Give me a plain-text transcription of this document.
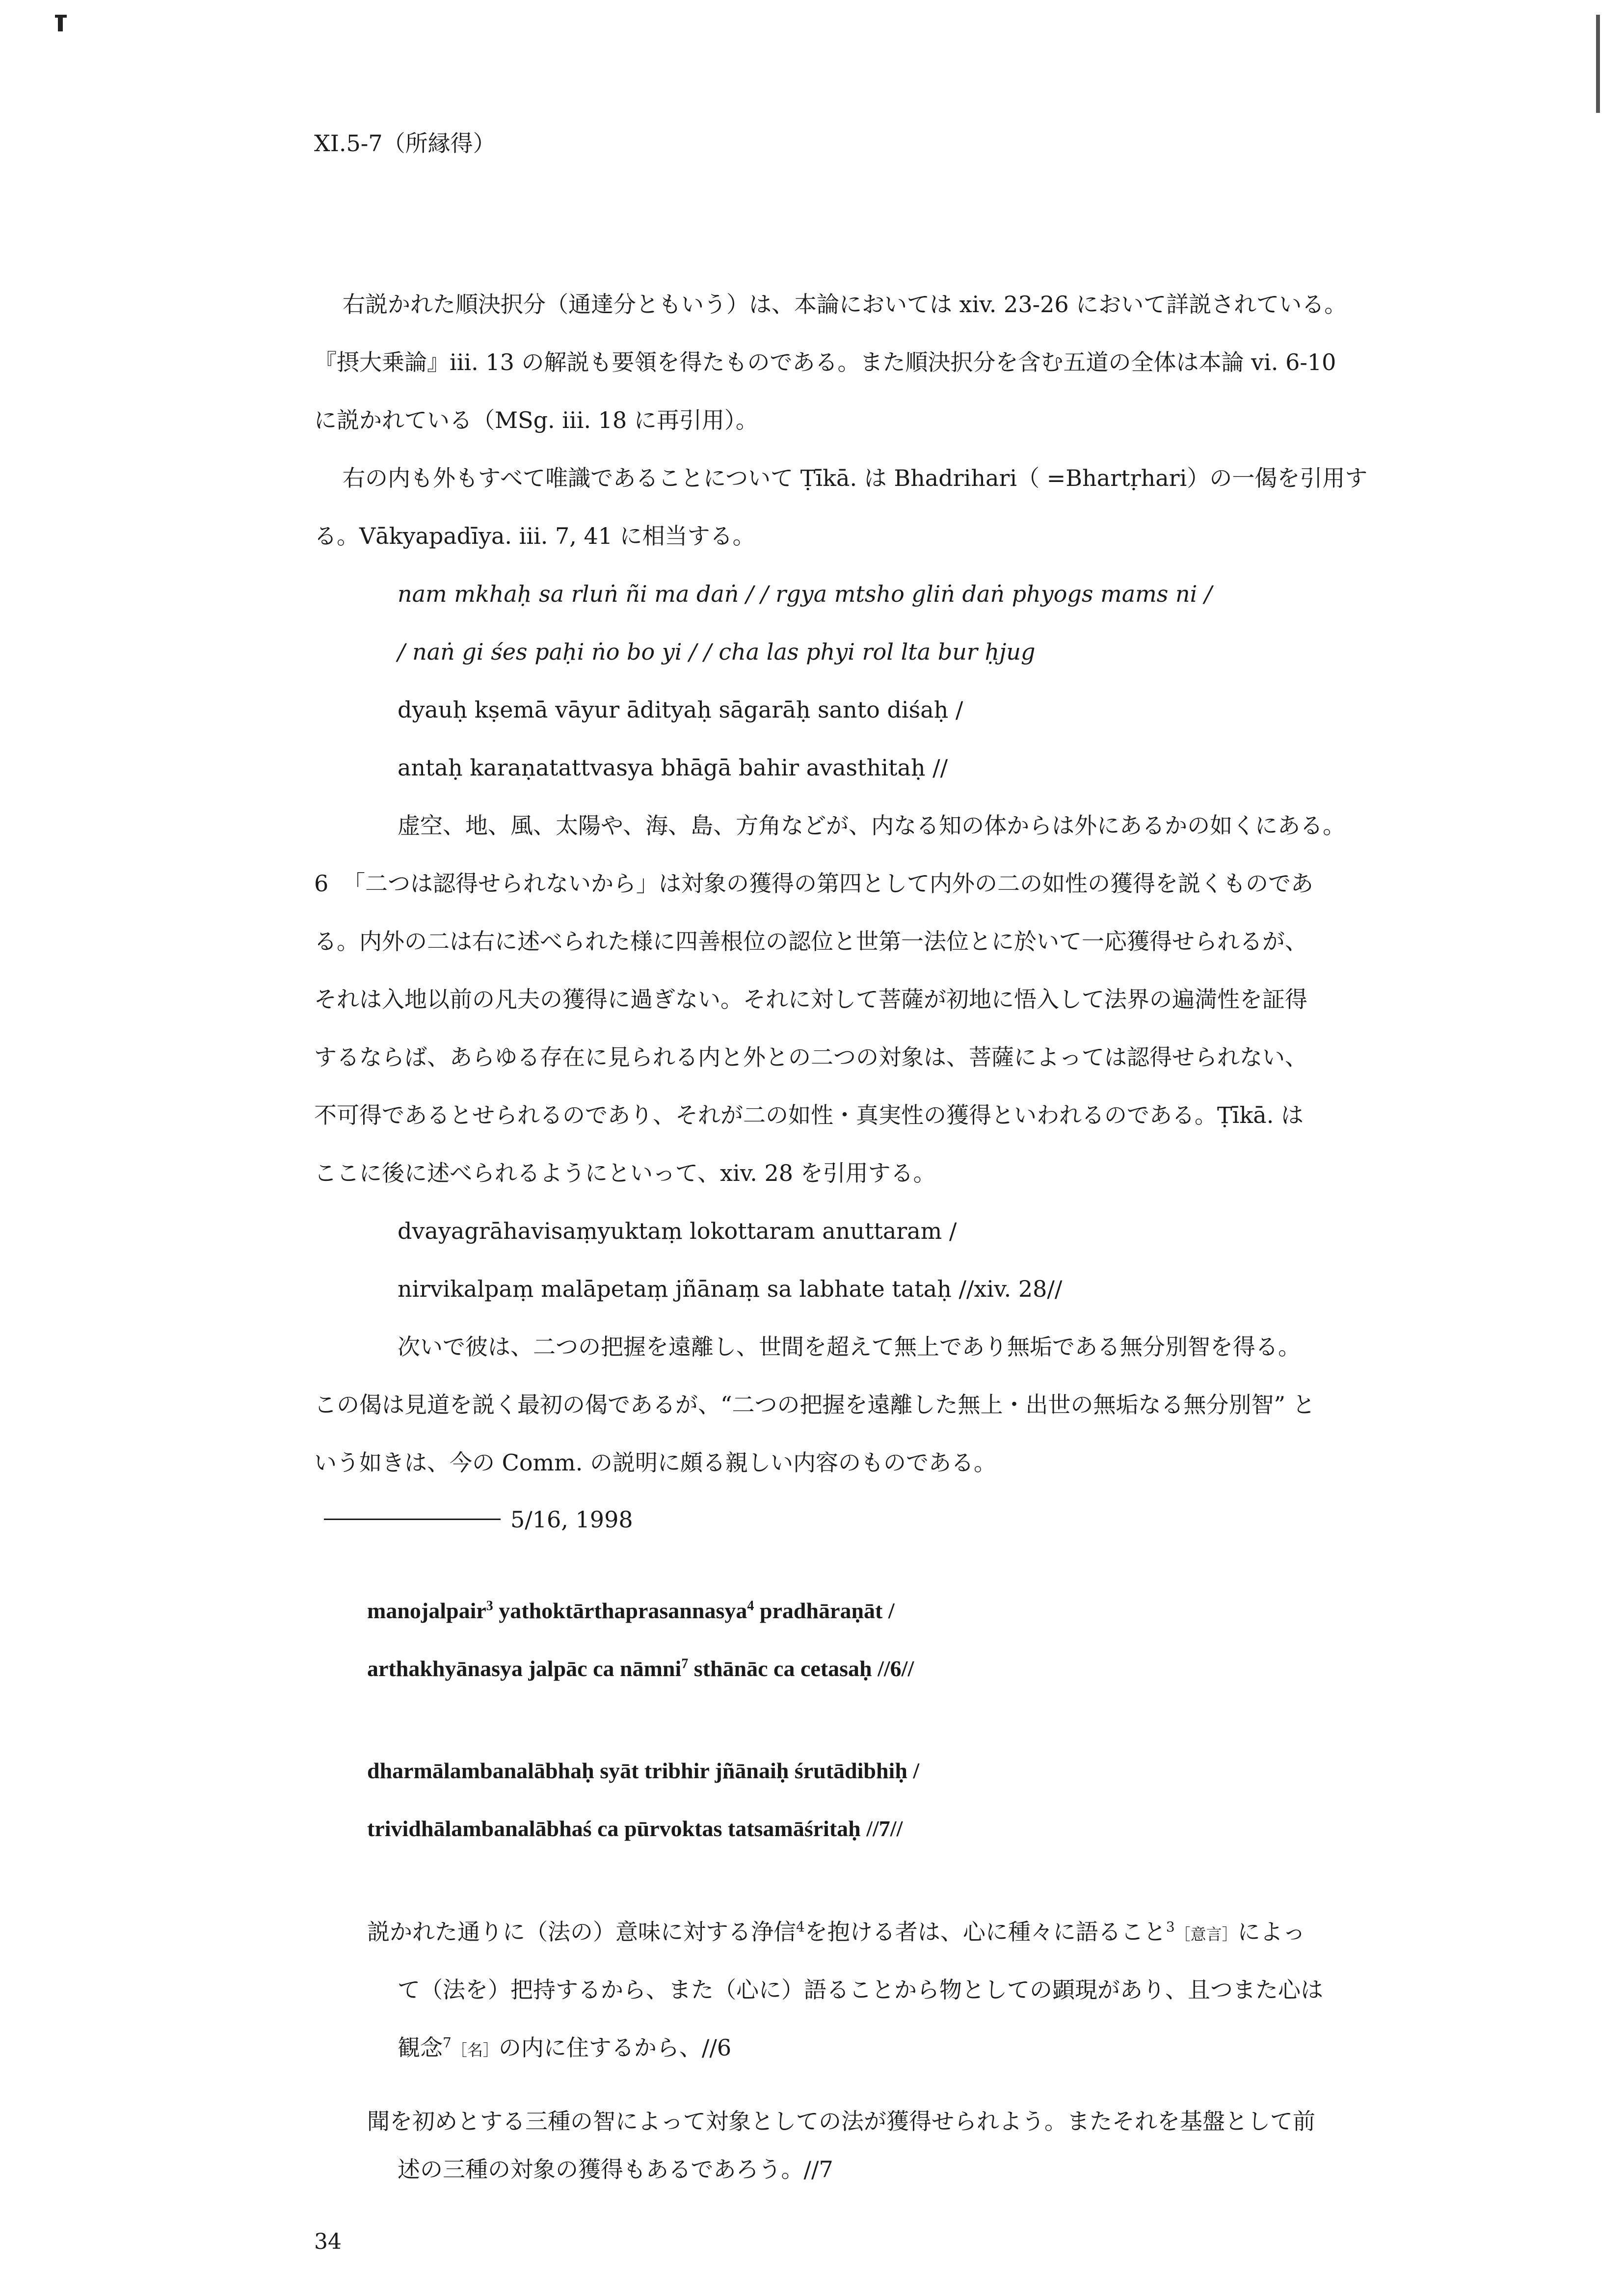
XI.5-7（所縁得）
右説かれた順決択分（通達分ともいう）は、本論においては xiv. 23-26 において詳説されている。
『摂大乗論』iii. 13 の解説も要領を得たものである。また順決択分を含む五道の全体は本論 vi. 6-10
に説かれている（MSg. iii. 18 に再引用）。
右の内も外もすべて唯識であることについて Ṭīkā. は Bhadrihari（ =Bhartṛhari）の一偈を引用す
る。Vākyapadīya. iii. 7, 41 に相当する。
nam mkhaḥ sa rluṅ ñi ma daṅ / / rgya mtsho gliṅ daṅ phyogs mams ni /
/ naṅ gi śes paḥi ṅo bo yi / / cha las phyi rol lta bur ḥjug
dyauḥ kṣemā vāyur ādityaḥ sāgarāḥ santo diśaḥ /
antaḥ karaṇatattvasya bhāgā bahir avasthitaḥ //
虚空、地、風、太陽や、海、島、方角などが、内なる知の体からは外にあるかの如くにある。
6 「二つは認得せられないから」は対象の獲得の第四として内外の二の如性の獲得を説くものであ
る。内外の二は右に述べられた様に四善根位の認位と世第一法位とに於いて一応獲得せられるが、
それは入地以前の凡夫の獲得に過ぎない。それに対して菩薩が初地に悟入して法界の遍満性を証得
するならば、あらゆる存在に見られる内と外との二つの対象は、菩薩によっては認得せられない、
不可得であるとせられるのであり、それが二の如性・真実性の獲得といわれるのである。Ṭīkā. は
ここに後に述べられるようにといって、xiv. 28 を引用する。
dvayagrāhavisaṃyuktaṃ lokottaram anuttaram /
nirvikalpaṃ malāpetaṃ jñānaṃ sa labhate tataḥ //xiv. 28//
次いで彼は、二つの把握を遠離し、世間を超えて無上であり無垢である無分別智を得る。
この偈は見道を説く最初の偈であるが、“二つの把握を遠離した無上・出世の無垢なる無分別智” と
いう如きは、今の Comm. の説明に頗る親しい内容のものである。
5/16, 1998
manojalpair$^3$ yathoktārthaprasannasya$^4$ pradhāraṇāt /
arthakhyānasya jalpāc ca nāmni$^7$ sthānāc ca cetasaḥ //6//
dharmālambanalābhaḥ syāt tribhir jñānaiḥ śrutādibhiḥ /
trividhālambanalābhaś ca pūrvoktas tatsamāśritaḥ //7//
説かれた通りに（法の）意味に対する浄信$^4$を抱ける者は、心に種々に語ること$^3$［意言］によっ
て（法を）把持するから、また（心に）語ることから物としての顕現があり、且つまた心は
観念$^7$［名］の内に住するから、//6
聞を初めとする三種の智によって対象としての法が獲得せられよう。またそれを基盤として前
述の三種の対象の獲得もあるであろう。//7
34
